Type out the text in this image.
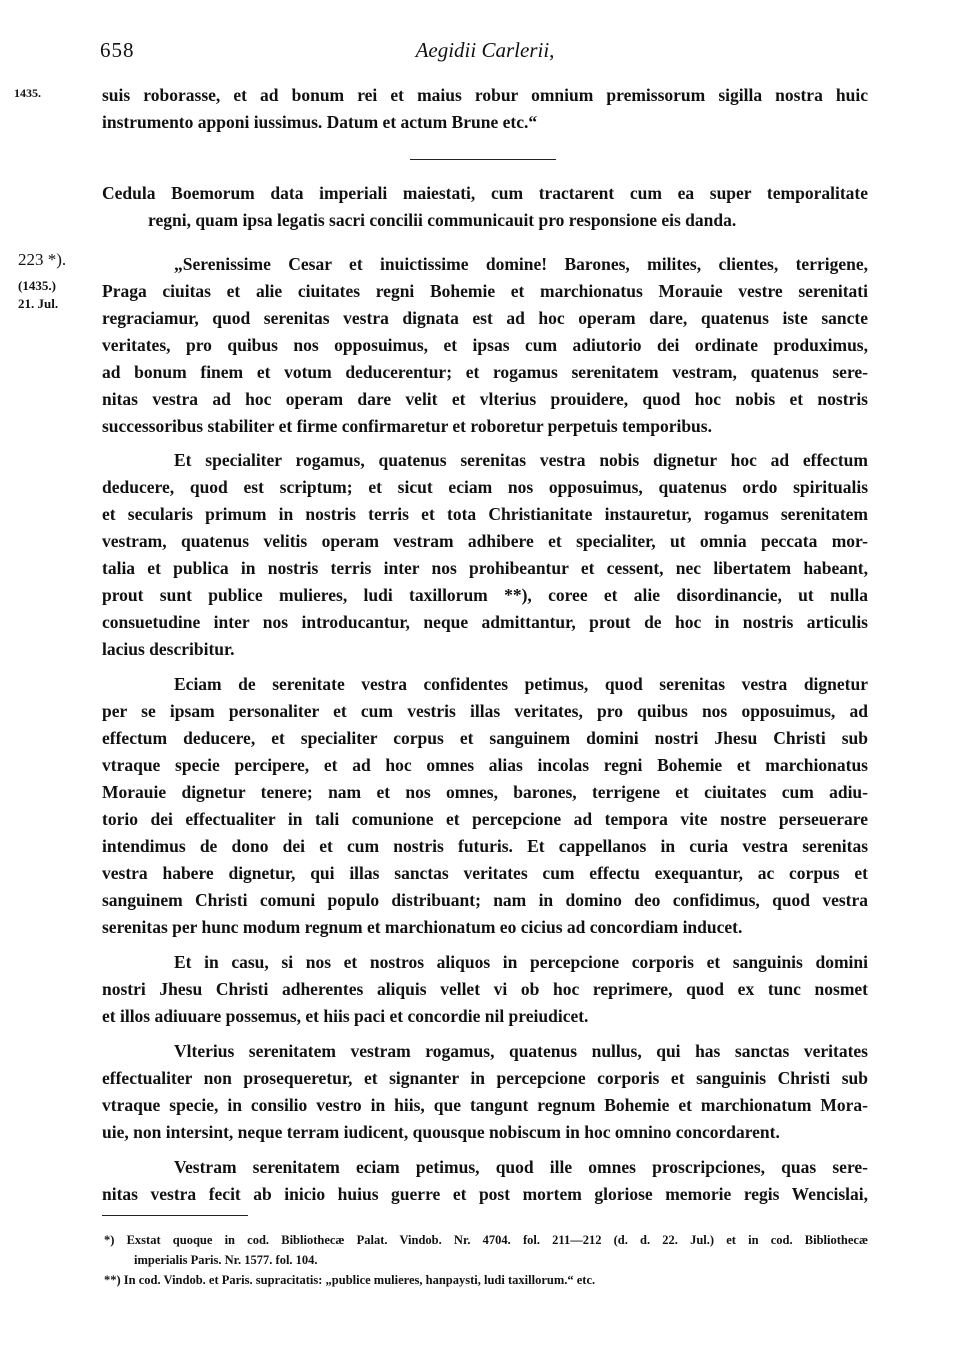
658	Aegidii Carlerii,
1435.
223 *).
(1435.)
21. Jul.
suis roborasse, et ad bonum rei et maius robur omnium premissorum sigilla nostra huic
instrumento apponi iussimus. Datum et actum Brune etc.“
Cedula Boemorum data imperiali maiestati, cum tractarent cum ea super temporalitate
regni, quam ipsa legatis sacri concilii communicauit pro responsione eis danda.
„Serenissime Cesar et inuictissime domine! Barones, milites, clientes, terrigene,
Praga ciuitas et alie ciuitates regni Bohemie et marchionatus Morauie vestre serenitati
regraciamur, quod serenitas vestra dignata est ad hoc operam dare, quatenus iste sancte
veritates, pro quibus nos opposuimus, et ipsas cum adiutorio dei ordinate produximus,
ad bonum finem et votum deducerentur; et rogamus serenitatem vestram, quatenus sere-
nitas vestra ad hoc operam dare velit et vlterius prouidere, quod hoc nobis et nostris
successoribus stabiliter et firme confirmaretur et roboretur perpetuis temporibus.
Et specialiter rogamus, quatenus serenitas vestra nobis dignetur hoc ad effectum
deducere, quod est scriptum; et sicut eciam nos opposuimus, quatenus ordo spiritualis
et secularis primum in nostris terris et tota Christianitate instauretur, rogamus serenitatem
vestram, quatenus velitis operam vestram adhibere et specialiter, ut omnia peccata mor-
talia et publica in nostris terris inter nos prohibeantur et cessent, nec libertatem habeant,
prout sunt publice mulieres, ludi taxillorum **), coree et alie disordinancie, ut nulla
consuetudine inter nos introducantur, neque admittantur, prout de hoc in nostris articulis
lacius describitur.
Eciam de serenitate vestra confidentes petimus, quod serenitas vestra dignetur
per se ipsam personaliter et cum vestris illas veritates, pro quibus nos opposuimus, ad
effectum deducere, et specialiter corpus et sanguinem domini nostri Jhesu Christi sub
vtraque specie percipere, et ad hoc omnes alias incolas regni Bohemie et marchionatus
Morauie dignetur tenere; nam et nos omnes, barones, terrigene et ciuitates cum adiu-
torio dei effectualiter in tali comunione et percepcione ad tempora vite nostre perseuerare
intendimus de dono dei et cum nostris futuris. Et cappellanos in curia vestra serenitas
vestra habere dignetur, qui illas sanctas veritates cum effectu exequantur, ac corpus et
sanguinem Christi comuni populo distribuant; nam in domino deo confidimus, quod vestra
serenitas per hunc modum regnum et marchionatum eo cicius ad concordiam inducet.
Et in casu, si nos et nostros aliquos in percepcione corporis et sanguinis domini
nostri Jhesu Christi adherentes aliquis vellet vi ob hoc reprimere, quod ex tunc nosmet
et illos adiuuare possemus, et hiis paci et concordie nil preiudicet.
Vlterius serenitatem vestram rogamus, quatenus nullus, qui has sanctas veritates
effectualiter non prosequeretur, et signanter in percepcione corporis et sanguinis Christi sub
vtraque specie, in consilio vestro in hiis, que tangunt regnum Bohemie et marchionatum Mora-
uie, non intersint, neque terram iudicent, quousque nobiscum in hoc omnino concordarent.
Vestram serenitatem eciam petimus, quod ille omnes proscripciones, quas sere-
nitas vestra fecit ab inicio huius guerre et post mortem gloriose memorie regis Wencislai,
*) Exstat quoque in cod. Bibliothecæ Palat. Vindob. Nr. 4704. fol. 211—212 (d. d. 22. Jul.) et in cod. Bibliothecæ
imperialis Paris. Nr. 1577. fol. 104.
**) In cod. Vindob. et Paris. supracitatis: „publice mulieres, hanpaysti, ludi taxillorum.“ etc.
